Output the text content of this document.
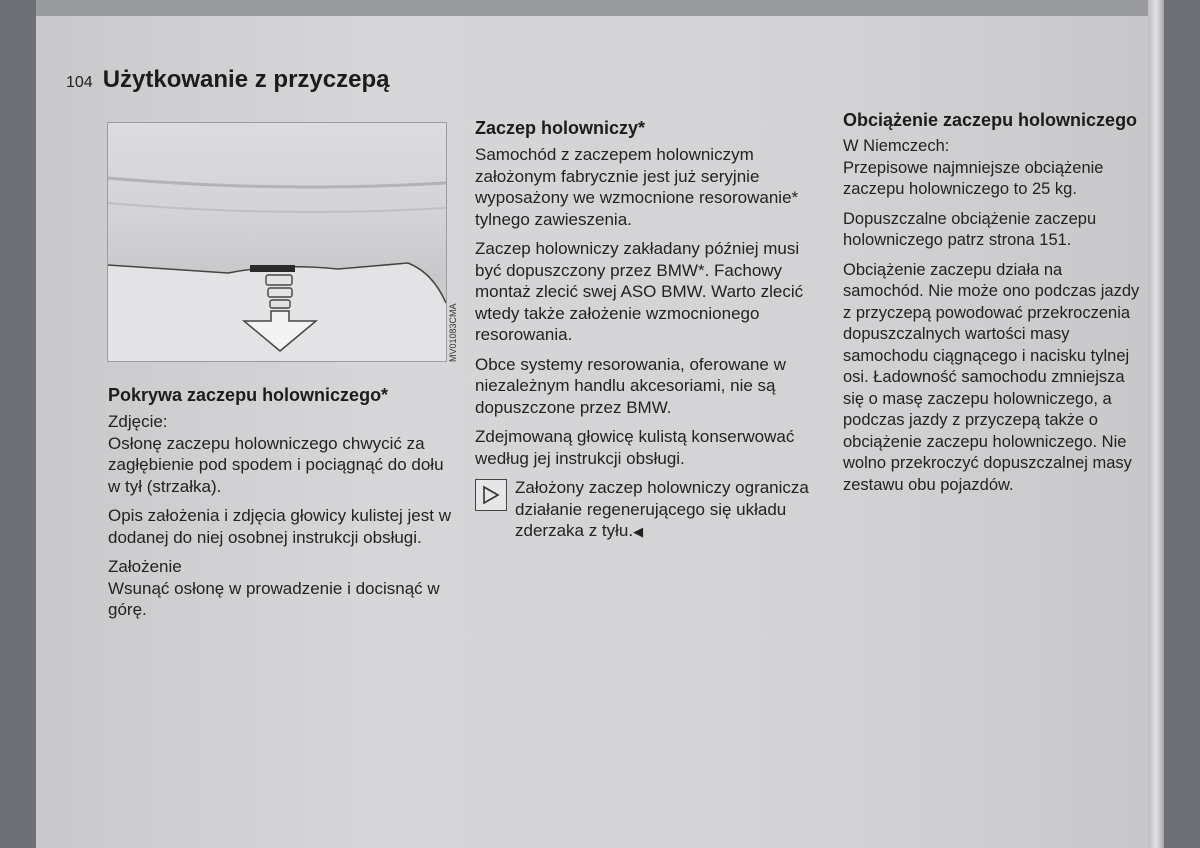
104 Użytkowanie z przyczepą
MV01083CMA
Pokrywa zaczepu holowniczego*

Zdjęcie:

Osłonę zaczepu holowniczego chwycić za zagłębienie pod spodem i pociągnąć do dołu w tył (strzałka).

Opis założenia i zdjęcia głowicy kulistej jest w dodanej do niej osobnej instrukcji obsługi.

Założenie

Wsunąć osłonę w prowadzenie i docisnąć w górę.

Zaczep holowniczy*

Samochód z zaczepem holowniczym założonym fabrycznie jest już seryjnie wyposażony we wzmocnione resorowanie* tylnego zawieszenia.

Zaczep holowniczy zakładany później musi być dopuszczony przez BMW*. Fachowy montaż zlecić swej ASO BMW. Warto zlecić wtedy także założenie wzmocnionego resorowania.

Obce systemy resorowania, oferowane w niezależnym handlu akcesoriami, nie są dopuszczone przez BMW.

Zdejmowaną głowicę kulistą konserwować według jej instrukcji obsługi.

Założony zaczep holowniczy ogranicza działanie regenerującego się układu zderzaka z tyłu.◀
Obciążenie zaczepu holowniczego

W Niemczech:

Przepisowe najmniejsze obciążenie zaczepu holowniczego to 25 kg.

Dopuszczalne obciążenie zaczepu holowniczego patrz strona 151.

Obciążenie zaczepu działa na samochód. Nie może ono podczas jazdy z przyczepą powodować przekroczenia dopuszczalnych wartości masy samochodu ciągnącego i nacisku tylnej osi. Ładowność samochodu zmniejsza się o masę zaczepu holowniczego, a podczas jazdy z przyczepą także o obciążenie zaczepu holowniczego. Nie wolno przekroczyć dopuszczalnej masy zestawu obu pojazdów.
